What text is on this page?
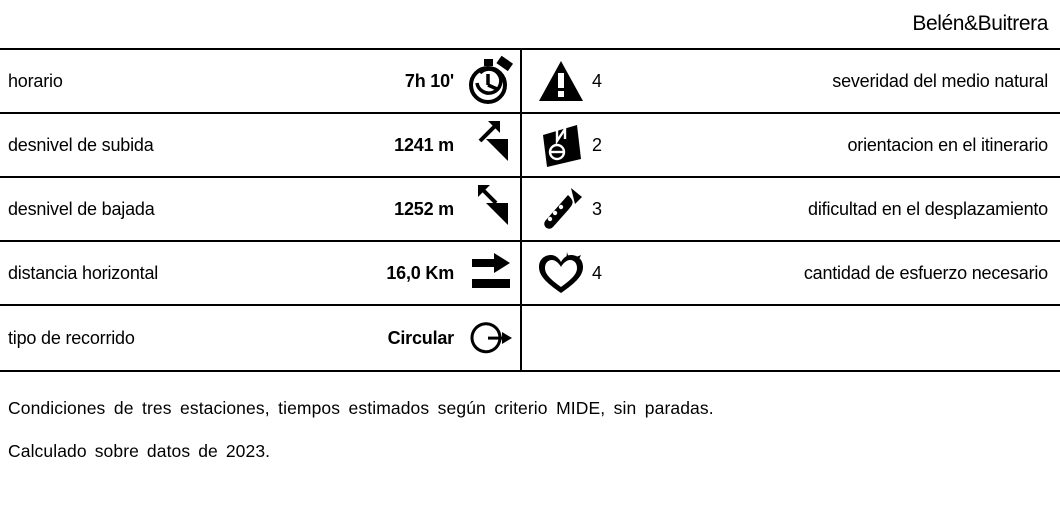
Belén&Buitrera
horario	7h 10'	4	severidad del medio natural
desnivel de subida	1241 m	2	orientacion en el itinerario
desnivel de bajada	1252 m	3	dificultad en el desplazamiento
distancia horizontal	16,0 Km	4	cantidad de esfuerzo necesario
tipo de recorrido	Circular
Condiciones de tres estaciones, tiempos estimados según criterio MIDE, sin paradas.
Calculado sobre datos de 2023.
